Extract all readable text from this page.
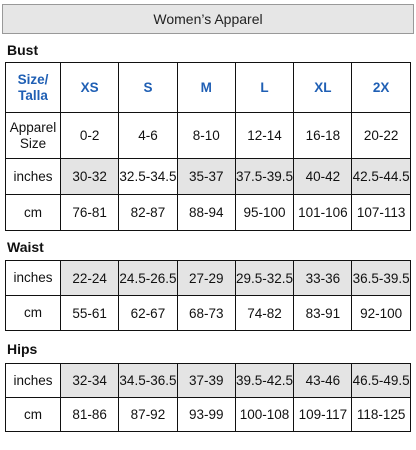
Women’s Apparel
Bust
Size/
Talla	XS	S	M	L	XL	2X
Apparel
Size	0-2	4-6	8-10	12-14	16-18	20-22
inches	30-32	32.5-34.5	35-37	37.5-39.5	40-42	42.5-44.5
cm	76-81	82-87	88-94	95-100	101-106	107-113
Waist
inches	22-24	24.5-26.5	27-29	29.5-32.5	33-36	36.5-39.5
cm	55-61	62-67	68-73	74-82	83-91	92-100
Hips
inches	32-34	34.5-36.5	37-39	39.5-42.5	43-46	46.5-49.5
cm	81-86	87-92	93-99	100-108	109-117	118-125
